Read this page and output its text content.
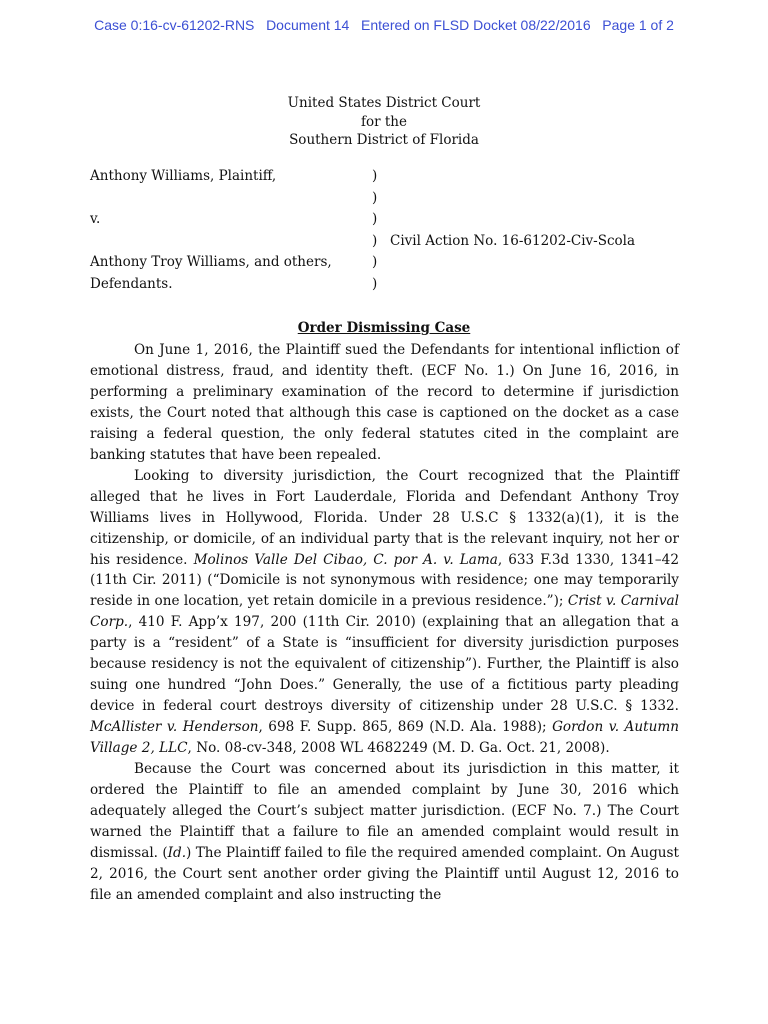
Case 0:16-cv-61202-RNS Document 14 Entered on FLSD Docket 08/22/2016 Page 1 of 2
United States District Court
for the
Southern District of Florida
Anthony Williams, Plaintiff,	)
)
v.	)
) Civil Action No. 16-61202-Civ-Scola
Anthony Troy Williams, and others,	)
Defendants.	)
Order Dismissing Case

On June 1, 2016, the Plaintiff sued the Defendants for intentional infliction of emotional distress, fraud, and identity theft. (ECF No. 1.) On June 16, 2016, in performing a preliminary examination of the record to determine if jurisdiction exists, the Court noted that although this case is captioned on the docket as a case raising a federal question, the only federal statutes cited in the complaint are banking statutes that have been repealed.

Looking to diversity jurisdiction, the Court recognized that the Plaintiff alleged that he lives in Fort Lauderdale, Florida and Defendant Anthony Troy Williams lives in Hollywood, Florida. Under 28 U.S.C § 1332(a)(1), it is the citizenship, or domicile, of an individual party that is the relevant inquiry, not her or his residence. Molinos Valle Del Cibao, C. por A. v. Lama, 633 F.3d 1330, 1341–42 (11th Cir. 2011) (“Domicile is not synonymous with residence; one may temporarily reside in one location, yet retain domicile in a previous residence.”); Crist v. Carnival Corp., 410 F. App’x 197, 200 (11th Cir. 2010) (explaining that an allegation that a party is a “resident” of a State is “insufficient for diversity jurisdiction purposes because residency is not the equivalent of citizenship”). Further, the Plaintiff is also suing one hundred “John Does.” Generally, the use of a fictitious party pleading device in federal court destroys diversity of citizenship under 28 U.S.C. § 1332. McAllister v. Henderson, 698 F. Supp. 865, 869 (N.D. Ala. 1988); Gordon v. Autumn Village 2, LLC, No. 08-cv-348, 2008 WL 4682249 (M. D. Ga. Oct. 21, 2008).

Because the Court was concerned about its jurisdiction in this matter, it ordered the Plaintiff to file an amended complaint by June 30, 2016 which adequately alleged the Court’s subject matter jurisdiction. (ECF No. 7.) The Court warned the Plaintiff that a failure to file an amended complaint would result in dismissal. (Id.) The Plaintiff failed to file the required amended complaint. On August 2, 2016, the Court sent another order giving the Plaintiff until August 12, 2016 to file an amended complaint and also instructing the
